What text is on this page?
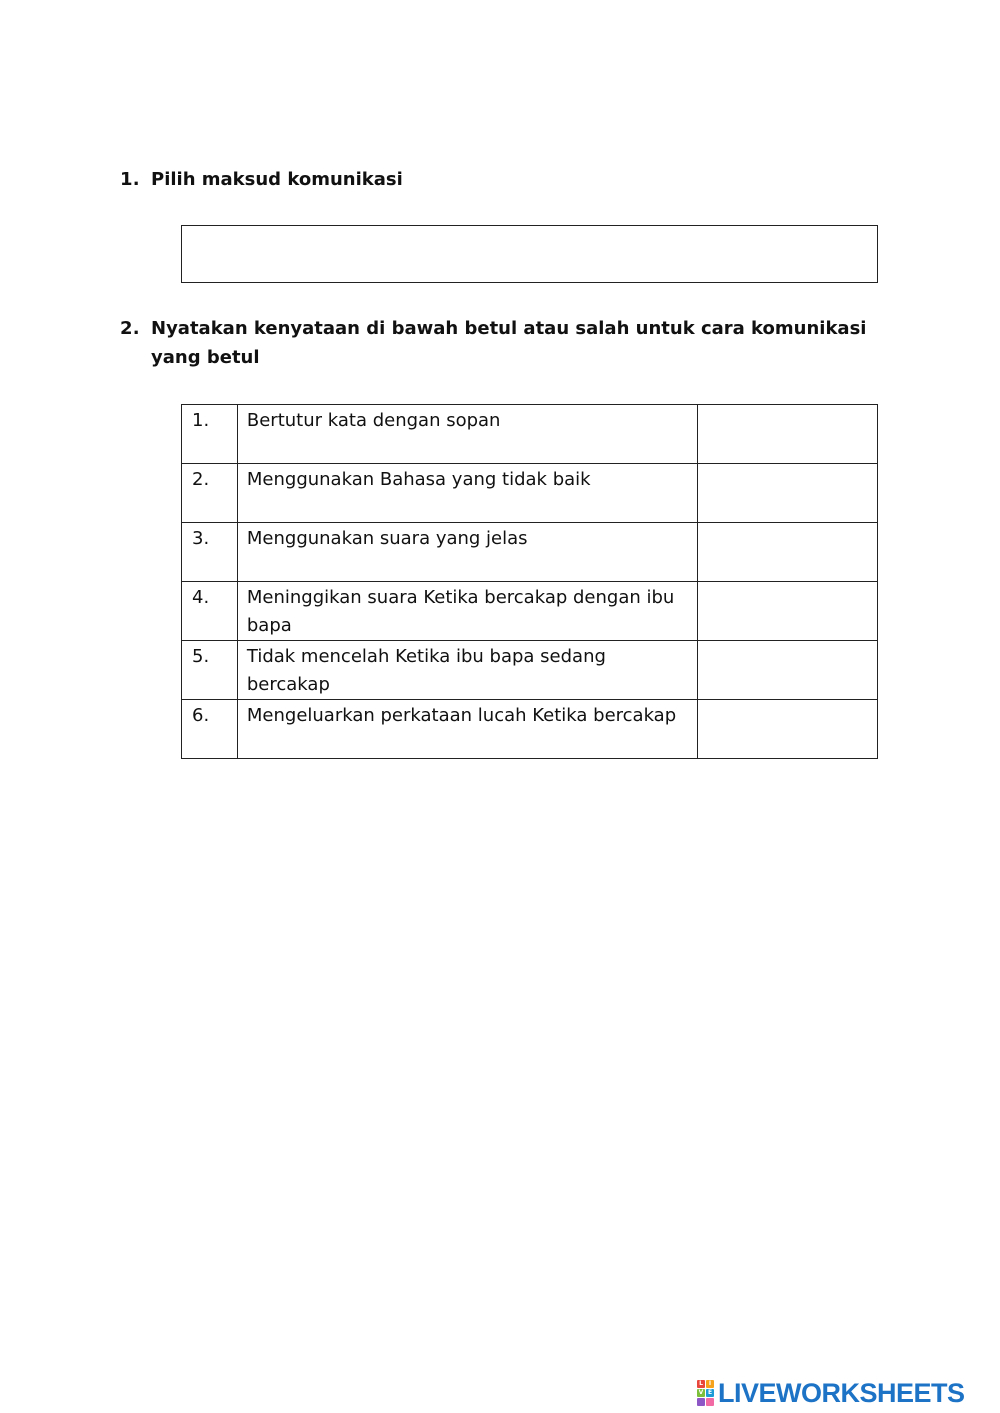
1. Pilih maksud komunikasi
2. Nyatakan kenyataan di bawah betul atau salah untuk cara komunikasi yang betul
1.	Bertutur kata dengan sopan	
2.	Menggunakan Bahasa yang tidak baik	
3.	Menggunakan suara yang jelas	
4.	Meninggikan suara Ketika bercakap dengan ibu bapa	
5.	Tidak mencelah Ketika ibu bapa sedang bercakap	
6.	Mengeluarkan perkataan lucah Ketika bercakap	
L I
V E LIVEWORKSHEETS
